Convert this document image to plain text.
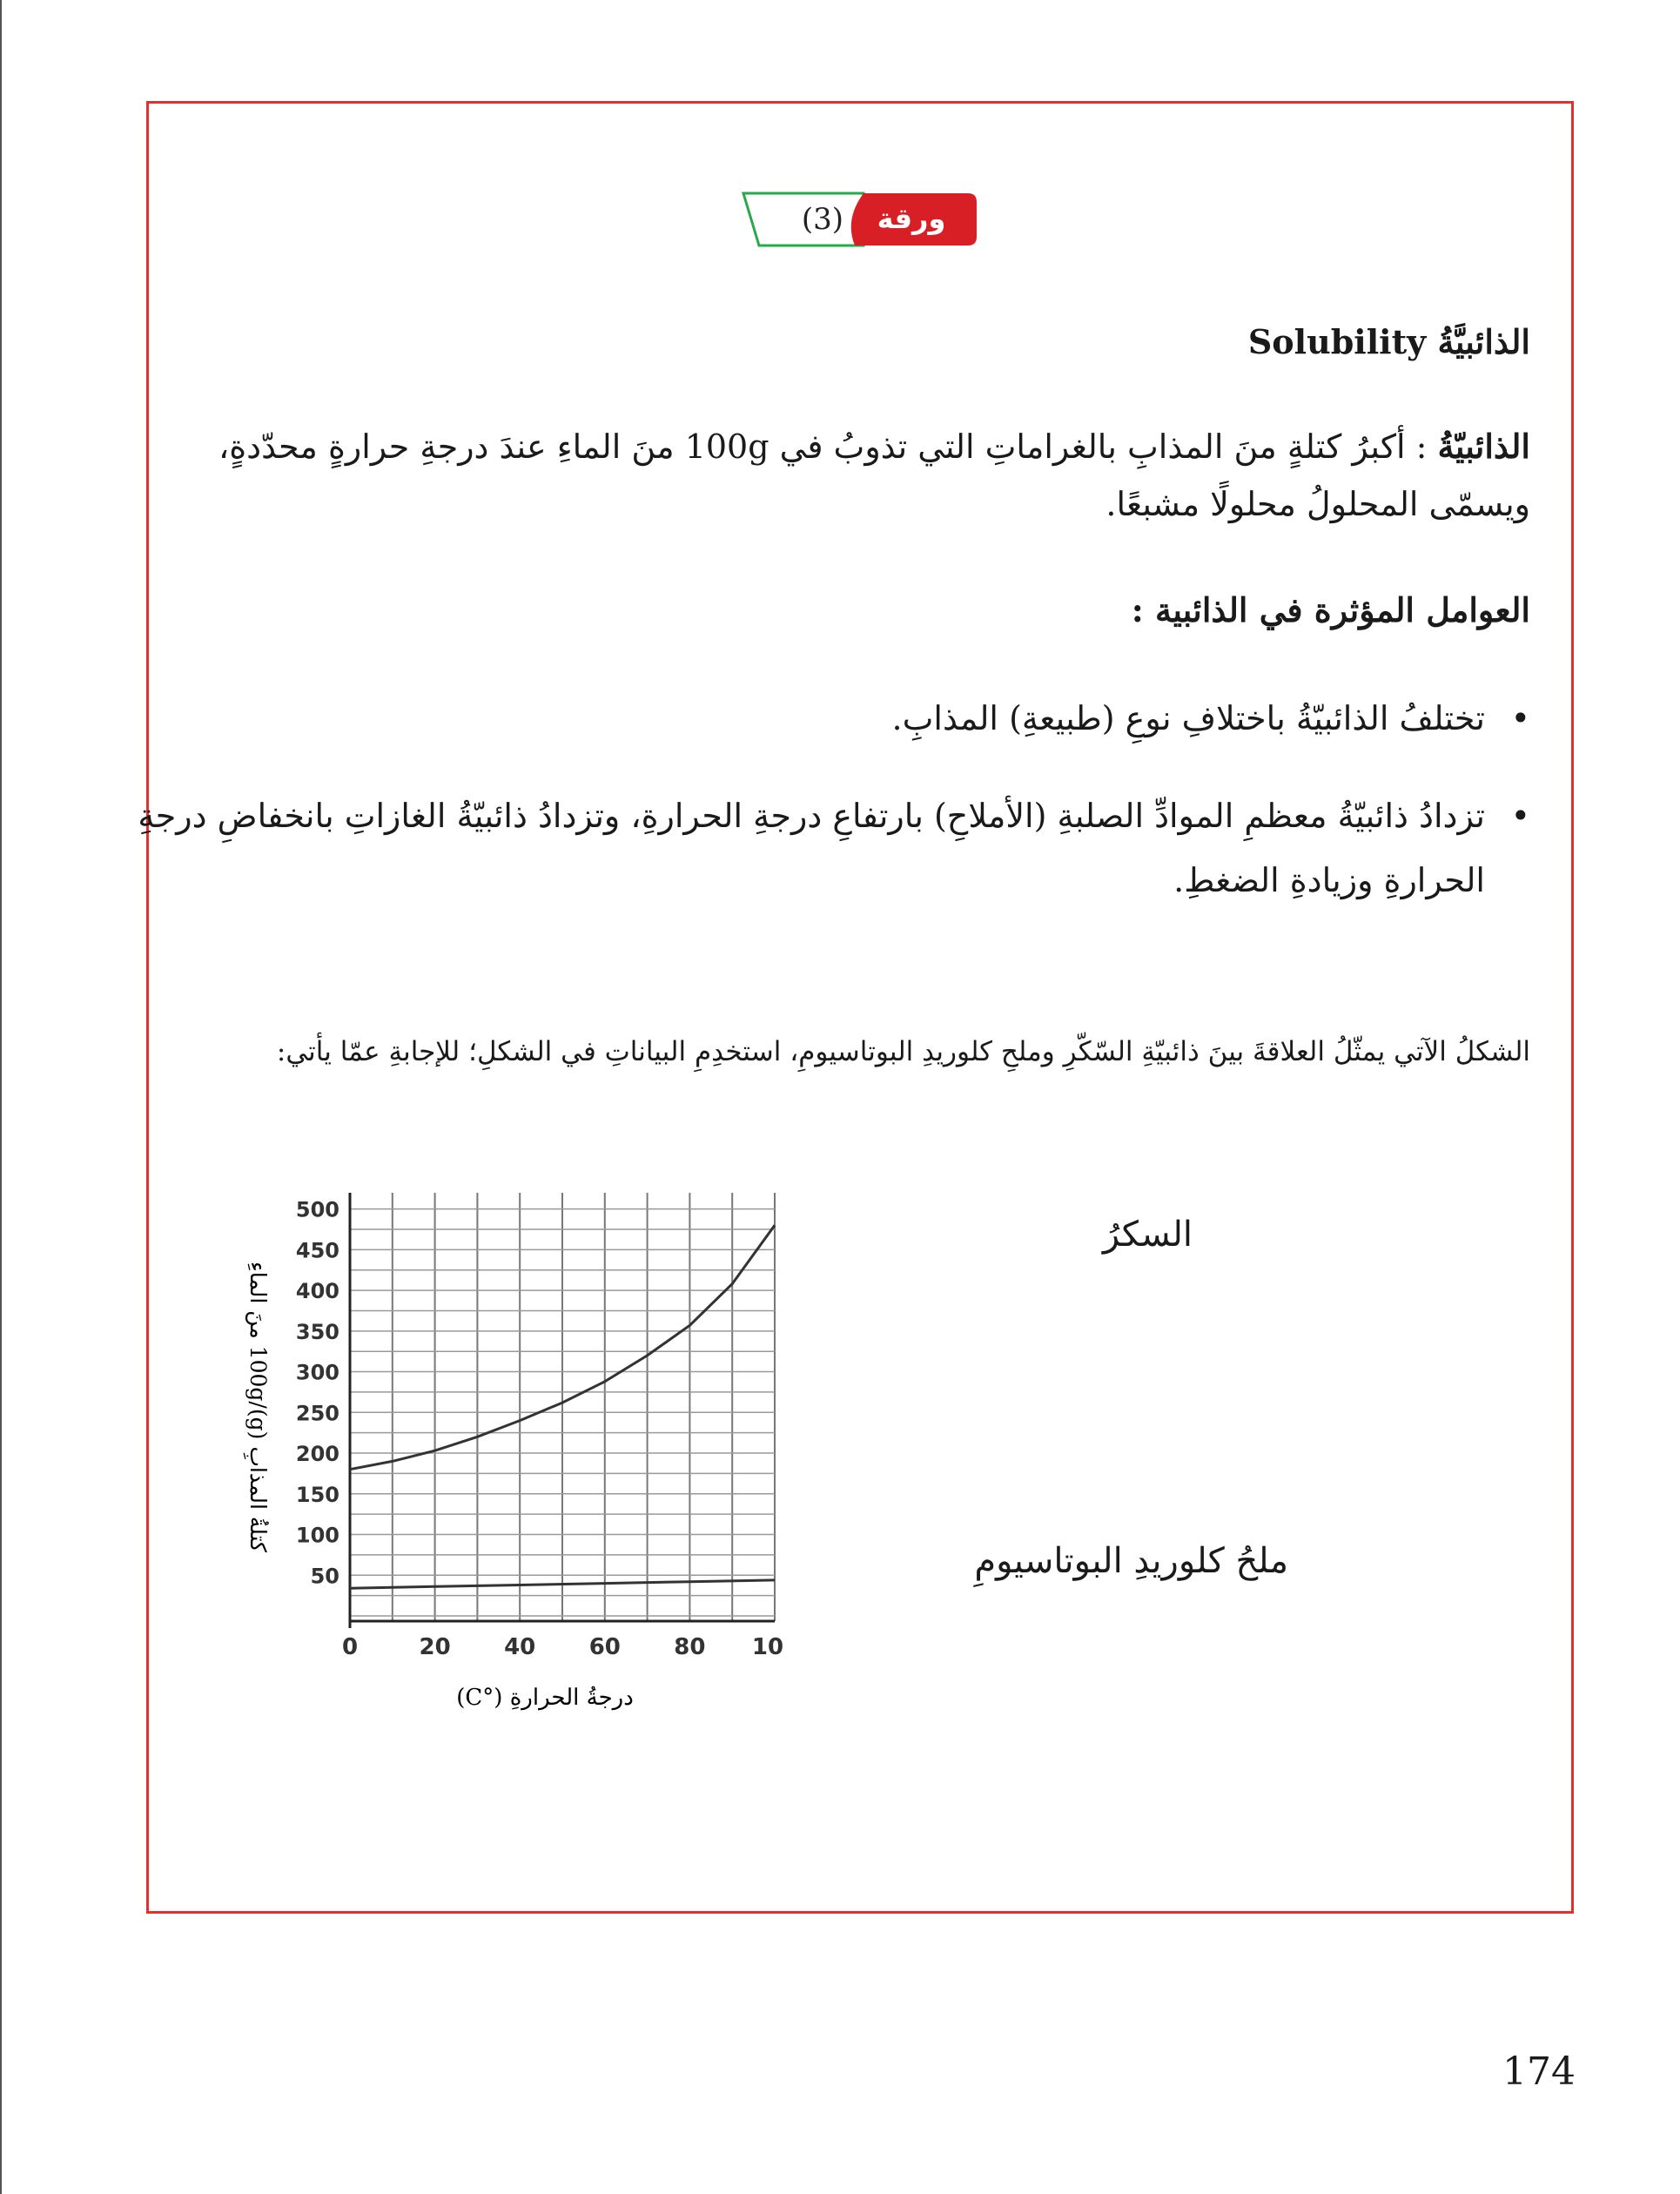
(3)	ورقة عمل
الذائبيَّةُ Solubility
الذائبيّةُ : أكبرُ كتلةٍ منَ المذابِ بالغراماتِ التي تذوبُ في 100g منَ الماءِ عندَ درجةِ حرارةٍ محدّدةٍ، ويسمّى المحلولُ محلولًا مشبعًا.
العوامل المؤثرة في الذائبية :
•
تختلفُ الذائبيّةُ باختلافِ نوعِ (طبيعةِ) المذابِ.
•
تزدادُ ذائبيّةُ معظمِ الموادِّ الصلبةِ (الأملاحِ) بارتفاعِ درجةِ الحرارةِ، وتزدادُ ذائبيّةُ الغازاتِ بانخفاضِ درجةِ الحرارةِ وزيادةِ الضغطِ.
الشكلُ الآتي يمثّلُ العلاقةَ بينَ ذائبيّةِ السّكّرِ وملحِ كلوريدِ البوتاسيومِ، استخدِمِ البياناتِ في الشكلِ؛ للإجابةِ عمّا يأتي:
50
100
150
200
250
300
350
400
450
500
0	20 40 60 80 10
درجةُ الحرارةِ (°C)
كتلةُ المذابِ (g)/100g منَ الماءِ
السكرُ
ملحُ كلوريدِ البوتاسيومِ
174
